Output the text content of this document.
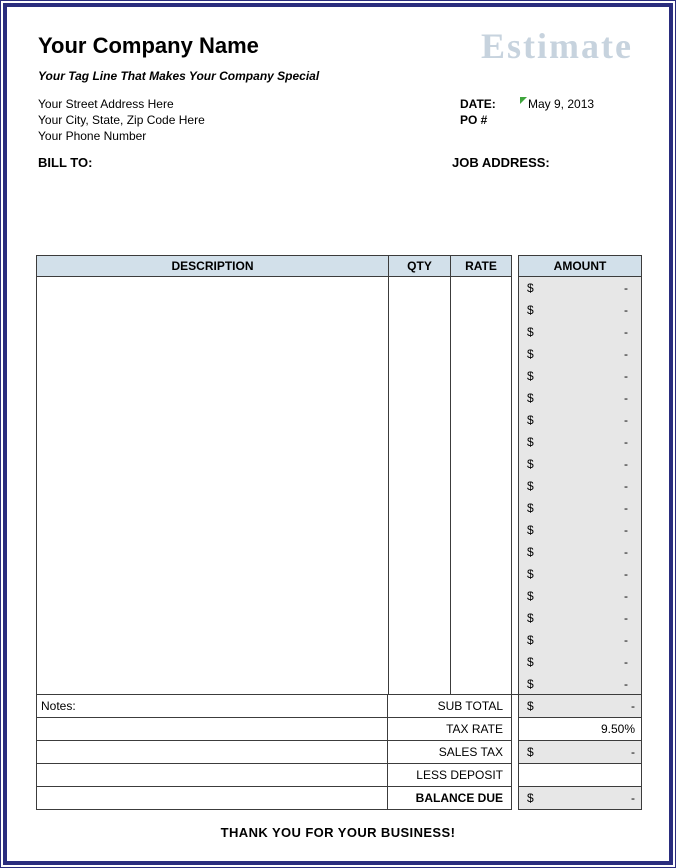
Your Company Name	Estimate
Your Tag Line That Makes Your Company Special
Your Street Address Here
Your City, State, Zip Code Here
Your Phone Number
DATE:	May 9, 2013
PO #
BILL TO:	JOB ADDRESS:
DESCRIPTION	QTY	RATE	AMOUNT
$	-
$	-
$	-
$	-
$	-
$	-
$	-
$	-
$	-
$	-
$	-
$	-
$	-
$	-
$	-
$	-
$	-
$	-
$	-
Notes:	SUB TOTAL	$	-
TAX RATE	9.50%
SALES TAX	$	-
LESS DEPOSIT
BALANCE DUE	$	-
THANK YOU FOR YOUR BUSINESS!
